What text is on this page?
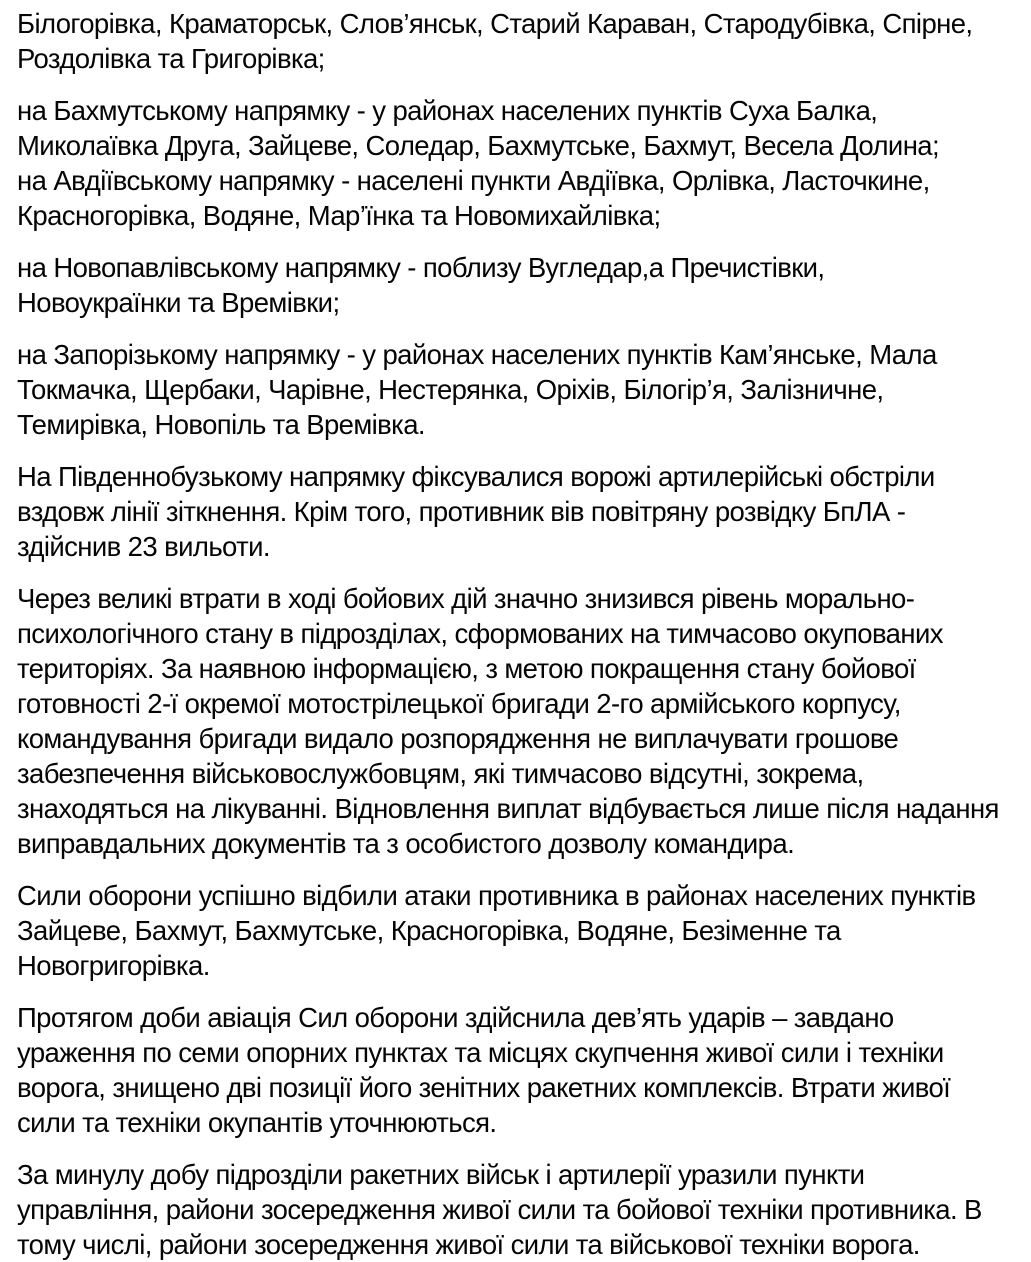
Білогорівка, Краматорськ, Слов’янськ, Старий Караван, Стародубівка, Спірне,
Роздолівка та Григорівка;

на Бахмутському напрямку - у районах населених пунктів Суха Балка,
Миколаївка Друга, Зайцеве, Соледар, Бахмутське, Бахмут, Весела Долина;
на Авдіївському напрямку - населені пункти Авдіївка, Орлівка, Ласточкине,
Красногорівка, Водяне, Мар’їнка та Новомихайлівка;

на Новопавлівському напрямку - поблизу Вугледар,а Пречистівки,
Новоукраїнки та Времівки;

на Запорізькому напрямку - у районах населених пунктів Кам’янське, Мала
Токмачка, Щербаки, Чарівне, Нестерянка, Оріхів, Білогір’я, Залізничне,
Темирівка, Новопіль та Времівка.

На Південнобузькому напрямку фіксувалися ворожі артилерійські обстріли
вздовж лінії зіткнення. Крім того, противник вів повітряну розвідку БпЛА -
здійснив 23 вильоти.

Через великі втрати в ході бойових дій значно знизився рівень морально-
психологічного стану в підрозділах, сформованих на тимчасово окупованих
територіях. За наявною інформацією, з метою покращення стану бойової
готовності 2-ї окремої мотострілецької бригади 2-го армійського корпусу,
командування бригади видало розпорядження не виплачувати грошове
забезпечення військовослужбовцям, які тимчасово відсутні, зокрема,
знаходяться на лікуванні. Відновлення виплат відбувається лише після надання
виправдальних документів та з особистого дозволу командира.

Сили оборони успішно відбили атаки противника в районах населених пунктів
Зайцеве, Бахмут, Бахмутське, Красногорівка, Водяне, Безіменне та
Новогригорівка.

Протягом доби авіація Сил оборони здійснила дев’ять ударів – завдано
ураження по семи опорних пунктах та місцях скупчення живої сили і техніки
ворога, знищено дві позиції його зенітних ракетних комплексів. Втрати живої
сили та техніки окупантів уточнюються.

За минулу добу підрозділи ракетних військ і артилерії уразили пункти
управління, райони зосередження живої сили та бойової техніки противника. В
тому числі, райони зосередження живої сили та військової техніки ворога.
